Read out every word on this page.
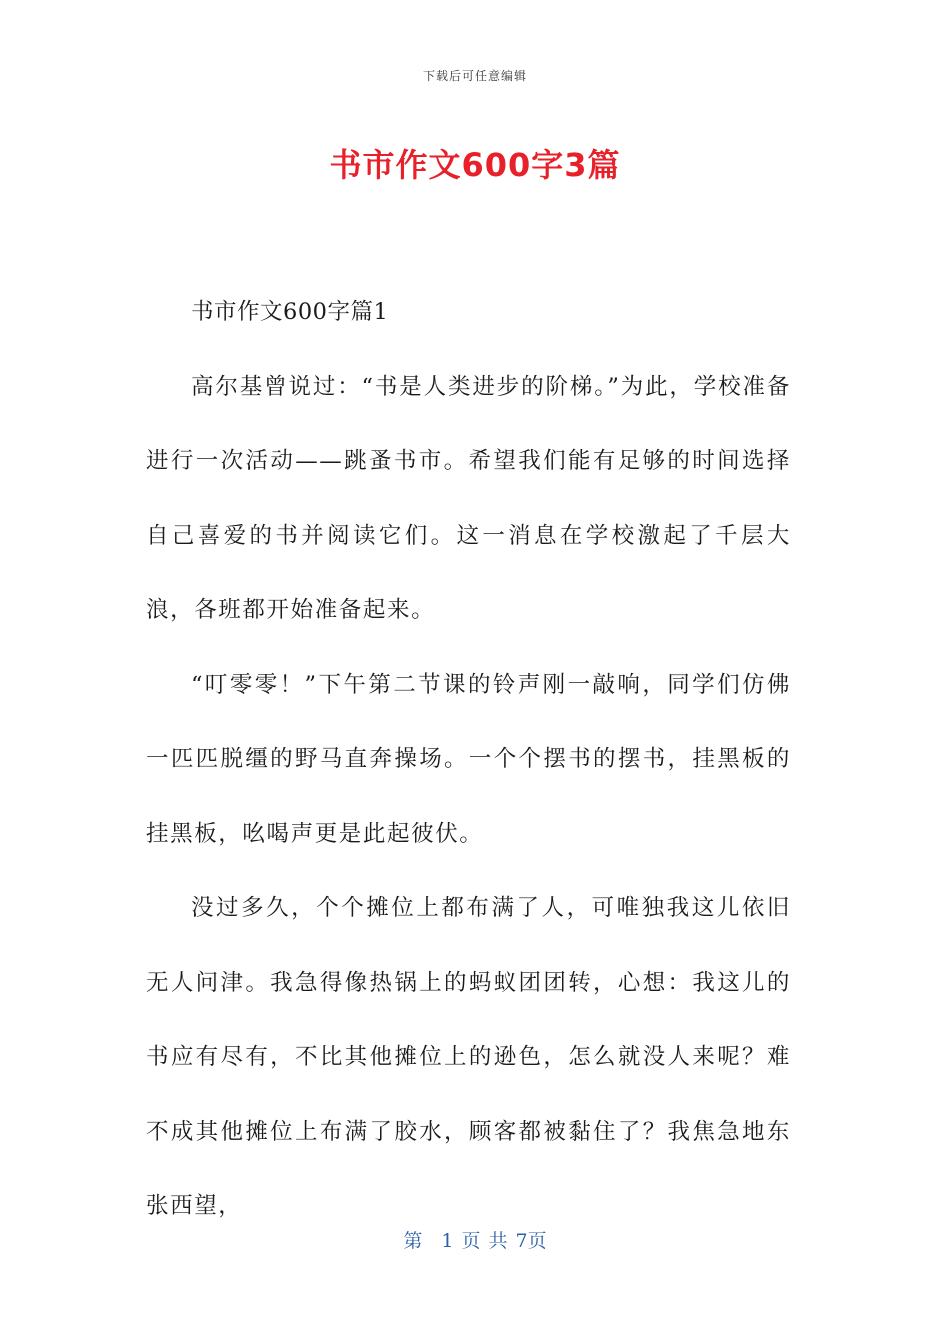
下载后可任意编辑
书市作文600字3篇

书市作文600字篇1

高尔基曾说过：“书是人类进步的阶梯。”为此，学校准备进行一次活动——跳蚤书市。希望我们能有足够的时间选择自己喜爱的书并阅读它们。这一消息在学校激起了千层大浪，各班都开始准备起来。

“叮零零！”下午第二节课的铃声刚一敲响，同学们仿佛一匹匹脱缰的野马直奔操场。一个个摆书的摆书，挂黑板的挂黑板，吆喝声更是此起彼伏。

没过多久，个个摊位上都布满了人，可唯独我这儿依旧无人问津。我急得像热锅上的蚂蚁团团转，心想：我这儿的书应有尽有，不比其他摊位上的逊色，怎么就没人来呢？难不成其他摊位上布满了胶水，顾客都被黏住了？我焦急地东张西望，

第　1 页 共 7页
